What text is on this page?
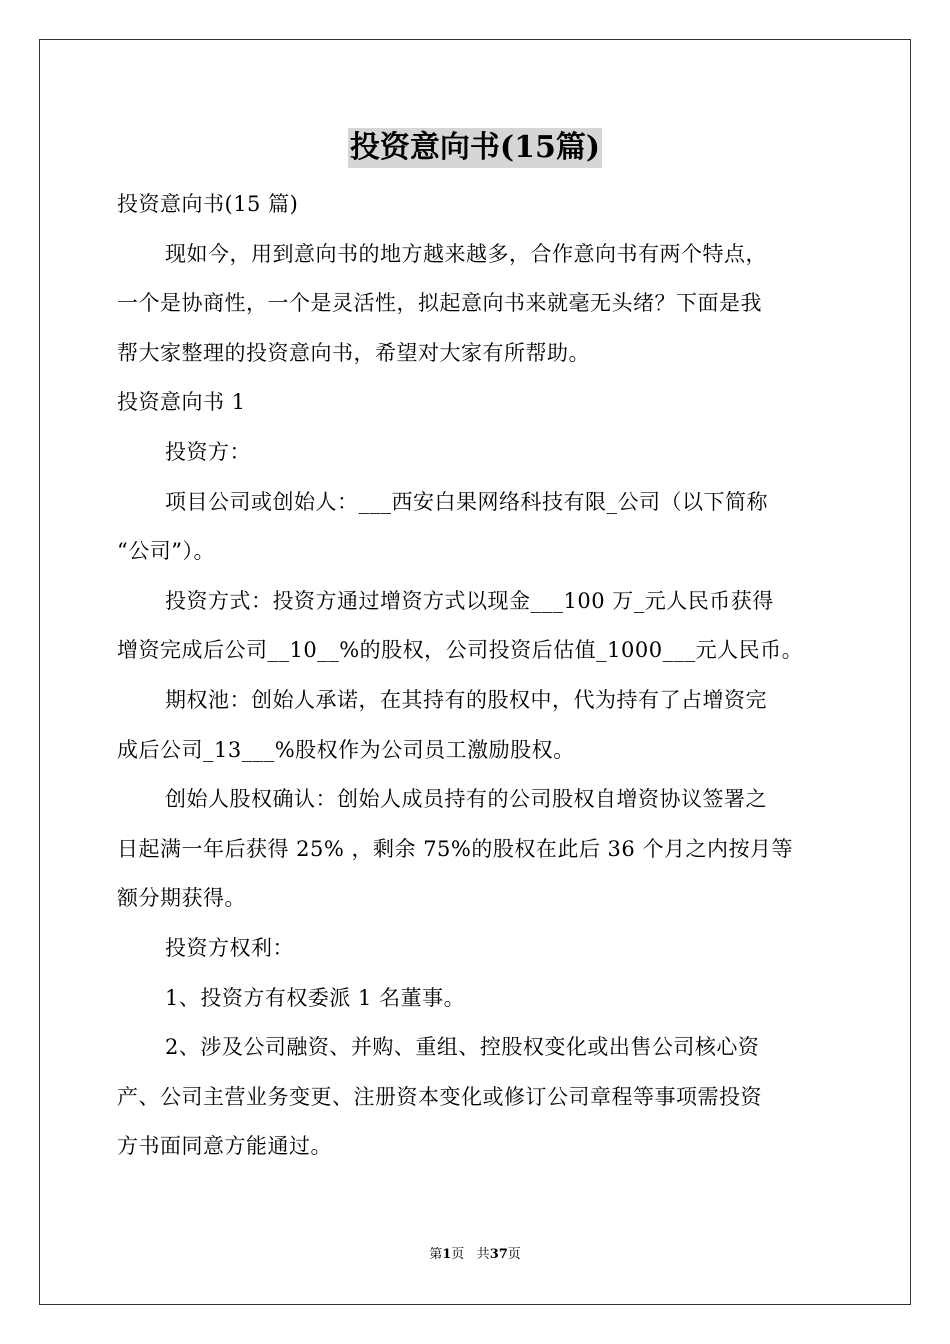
投资意向书(15篇)
投资意向书(15 篇)
现如今，用到意向书的地方越来越多，合作意向书有两个特点，
一个是协商性，一个是灵活性，拟起意向书来就毫无头绪？下面是我
帮大家整理的投资意向书，希望对大家有所帮助。
投资意向书 1
投资方：
项目公司或创始人：___西安白果网络科技有限_公司（以下简称
“公司”）。
投资方式：投资方通过增资方式以现金___100 万_元人民币获得
增资完成后公司__10__%的股权，公司投资后估值_1000___元人民币。
期权池：创始人承诺，在其持有的股权中，代为持有了占增资完
成后公司_13___%股权作为公司员工激励股权。
创始人股权确认：创始人成员持有的公司股权自增资协议签署之
日起满一年后获得 25% ，剩余 75%的股权在此后 36 个月之内按月等
额分期获得。
投资方权利：
1、投资方有权委派 1 名董事。
2、涉及公司融资、并购、重组、控股权变化或出售公司核心资
产、公司主营业务变更、注册资本变化或修订公司章程等事项需投资
方书面同意方能通过。
第1页 共37页
